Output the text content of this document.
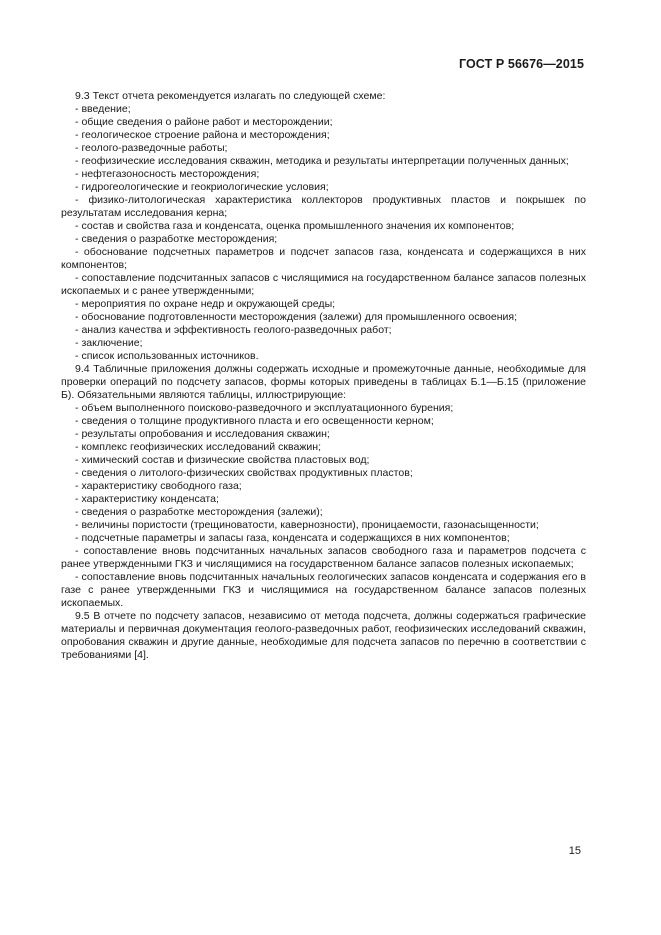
ГОСТ Р 56676—2015

9.3 Текст отчета рекомендуется излагать по следующей схеме:

- введение;

- общие сведения о районе работ и месторождении;

- геологическое строение района и месторождения;

- геолого-разведочные работы;

- геофизические исследования скважин, методика и результаты интерпретации полученных данных;

- нефтегазоносность месторождения;

- гидрогеологические и геокриологические условия;

- физико-литологическая характеристика коллекторов продуктивных пластов и покрышек по результатам исследования керна;

- состав и свойства газа и конденсата, оценка промышленного значения их компонентов;

- сведения о разработке месторождения;

- обоснование подсчетных параметров и подсчет запасов газа, конденсата и содержащихся в них компонентов;

- сопоставление подсчитанных запасов с числящимися на государственном балансе запасов полезных ископаемых и с ранее утвержденными;

- мероприятия по охране недр и окружающей среды;

- обоснование подготовленности месторождения (залежи) для промышленного освоения;

- анализ качества и эффективность геолого-разведочных работ;

- заключение;

- список использованных источников.

9.4 Табличные приложения должны содержать исходные и промежуточные данные, необходимые для проверки операций по подсчету запасов, формы которых приведены в таблицах Б.1—Б.15 (приложение Б). Обязательными являются таблицы, иллюстрирующие:

- объем выполненного поисково-разведочного и эксплуатационного бурения;

- сведения о толщине продуктивного пласта и его освещенности керном;

- результаты опробования и исследования скважин;

- комплекс геофизических исследований скважин;

- химический состав и физические свойства пластовых вод;

- сведения о литолого-физических свойствах продуктивных пластов;

- характеристику свободного газа;

- характеристику конденсата;

- сведения о разработке месторождения (залежи);

- величины пористости (трещиноватости, кавернозности), проницаемости, газонасыщенности;

- подсчетные параметры и запасы газа, конденсата и содержащихся в них компонентов;

- сопоставление вновь подсчитанных начальных запасов свободного газа и параметров подсчета с ранее утвержденными ГКЗ и числящимися на государственном балансе запасов полезных ископаемых;

- сопоставление вновь подсчитанных начальных геологических запасов конденсата и содержания его в газе с ранее утвержденными ГКЗ и числящимися на государственном балансе запасов полезных ископаемых.

9.5 В отчете по подсчету запасов, независимо от метода подсчета, должны содержаться графические материалы и первичная документация геолого-разведочных работ, геофизических исследований скважин, опробования скважин и другие данные, необходимые для подсчета запасов по перечню в соответствии с требованиями [4].

15
